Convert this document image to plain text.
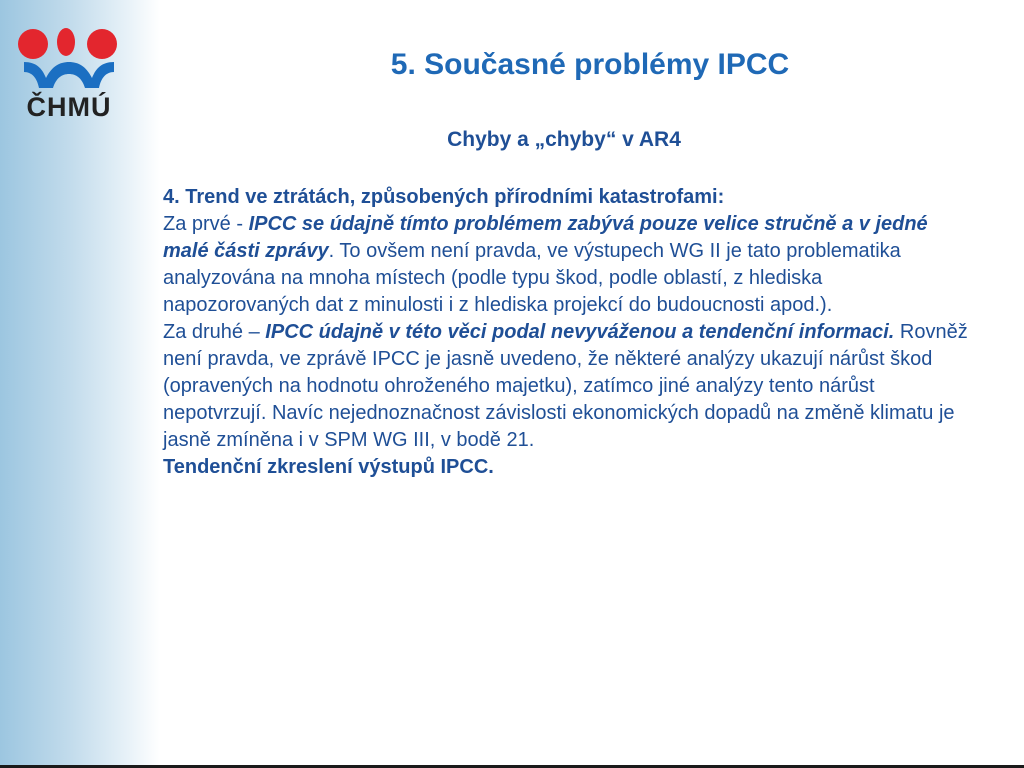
ČHMÚ
5. Současné problémy IPCC
Chyby a „chyby“ v AR4

4. Trend ve ztrátách, způsobených přírodními katastrofami:

Za prvé - IPCC se údajně tímto problémem zabývá pouze velice stručně a v jedné malé části zprávy. To ovšem není pravda, ve výstupech WG II je tato problematika analyzována na mnoha místech (podle typu škod, podle oblastí, z hlediska napozorovaných dat z minulosti i z hlediska projekcí do budoucnosti apod.).

Za druhé – IPCC údajně v této věci podal nevyváženou a tendenční informaci. Rovněž není pravda, ve zprávě IPCC je jasně uvedeno, že některé analýzy ukazují nárůst škod (opravených na hodnotu ohroženého majetku), zatímco jiné analýzy tento nárůst nepotvrzují. Navíc nejednoznačnost závislosti ekonomických dopadů na změně klimatu je jasně zmíněna i v SPM WG III, v bodě 21.

Tendenční zkreslení výstupů IPCC.
